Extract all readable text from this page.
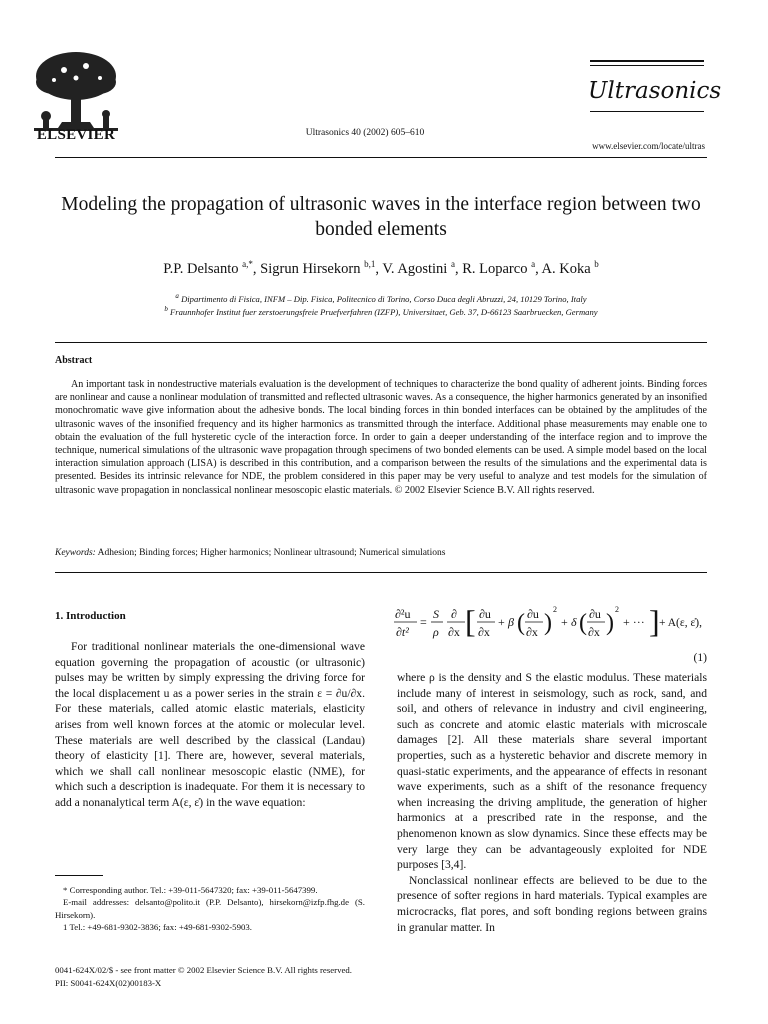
ELSEVIER	Ultrasonics 40 (2002) 605–610
Ultrasonics
www.elsevier.com/locate/ultras
Modeling the propagation of ultrasonic waves in the interface region between two bonded elements
P.P. Delsanto $^{a,*}$, Sigrun Hirsekorn $^{b,1}$, V. Agostini $^a$, R. Loparco $^a$, A. Koka $^b$
$^a$ Dipartimento di Fisica, INFM – Dip. Fisica, Politecnico di Torino, Corso Duca degli Abruzzi, 24, 10129 Torino, Italy
$^b$ Fraunnhofer Institut fuer zerstoerungsfreie Pruefverfahren (IZFP), Universitaet, Geb. 37, D-66123 Saarbruecken, Germany
Abstract
An important task in nondestructive materials evaluation is the development of techniques to characterize the bond quality of adherent joints. Binding forces are nonlinear and cause a nonlinear modulation of transmitted and reflected ultrasonic waves. As a consequence, the higher harmonics generated by an insonified monochromatic wave give information about the adhesive bonds. The local binding forces in thin bonded interfaces can be obtained by the amplitudes of the ultrasonic waves of the insonified frequency and its higher harmonics as transmitted through the interface. Additional phase measurements may enable one to obtain the evaluation of the full hysteretic cycle of the interaction force. In order to gain a deeper understanding of the interface region and to improve the technique, numerical simulations of the ultrasonic wave propagation through specimens of two bonded elements can be used. A simple model based on the local interaction simulation approach (LISA) is described in this contribution, and a comparison between the results of the simulations and the experimental data is presented. Besides its intrinsic relevance for NDE, the problem considered in this paper may be very useful to analyze and test models for the simulation of ultrasonic wave propagation in nonclassical nonlinear mesoscopic elastic materials. © 2002 Elsevier Science B.V. All rights reserved.
Keywords: Adhesion; Binding forces; Higher harmonics; Nonlinear ultrasound; Numerical simulations
1. Introduction
For traditional nonlinear materials the one-dimensional wave equation governing the propagation of acoustic (or ultrasonic) pulses may be written by simply expressing the driving force for the local displacement u as a power series in the strain ε = ∂u/∂x. For these materials, called atomic elastic materials, elasticity arises from well known forces at the atomic or molecular level. These materials are well described by the classical (Landau) theory of elasticity [1]. There are, however, several materials, which we shall call nonlinear mesoscopic elastic (NME), for which such a description is inadequate. For them it is necessary to add a nonanalytical term A(ε, ε̇) in the wave equation:
* Corresponding author. Tel.: +39-011-5647320; fax: +39-011-5647399.
E-mail addresses: delsanto@polito.it (P.P. Delsanto), hirsekorn@izfp.fhg.de (S. Hirsekorn).
1 Tel.: +49-681-9302-3836; fax: +49-681-9302-5903.
0041-624X/02/$ - see front matter © 2002 Elsevier Science B.V. All rights reserved.
PII: S0041-624X(02)00183-X
∂²u
∂t²
=
S
ρ
∂
∂x [ ∂u
∂x
+ β ( ∂u
∂x )
2
+ δ ( ∂u
∂x )
2
+ ··· ] + A(ε, ε̇),
(1)
where ρ is the density and S the elastic modulus. These materials include many of interest in seismology, such as rock, sand, and soil, and others of relevance in industry and civil engineering, such as concrete and atomic elastic materials with microscale damages [2]. All these materials share several important properties, such as a hysteretic behavior and discrete memory in quasi-static experiments, and the appearance of effects in resonant wave experiments, such as a shift of the resonance frequency when increasing the driving amplitude, the generation of higher harmonics at a prescribed rate in the response, and the phenomenon known as slow dynamics. Since these effects may be very large they can be advantageously exploited for NDE purposes [3,4].
Nonclassical nonlinear effects are believed to be due to the presence of softer regions in hard materials. Typical examples are microcracks, flat pores, and soft bonding regions between grains in granular matter. In
